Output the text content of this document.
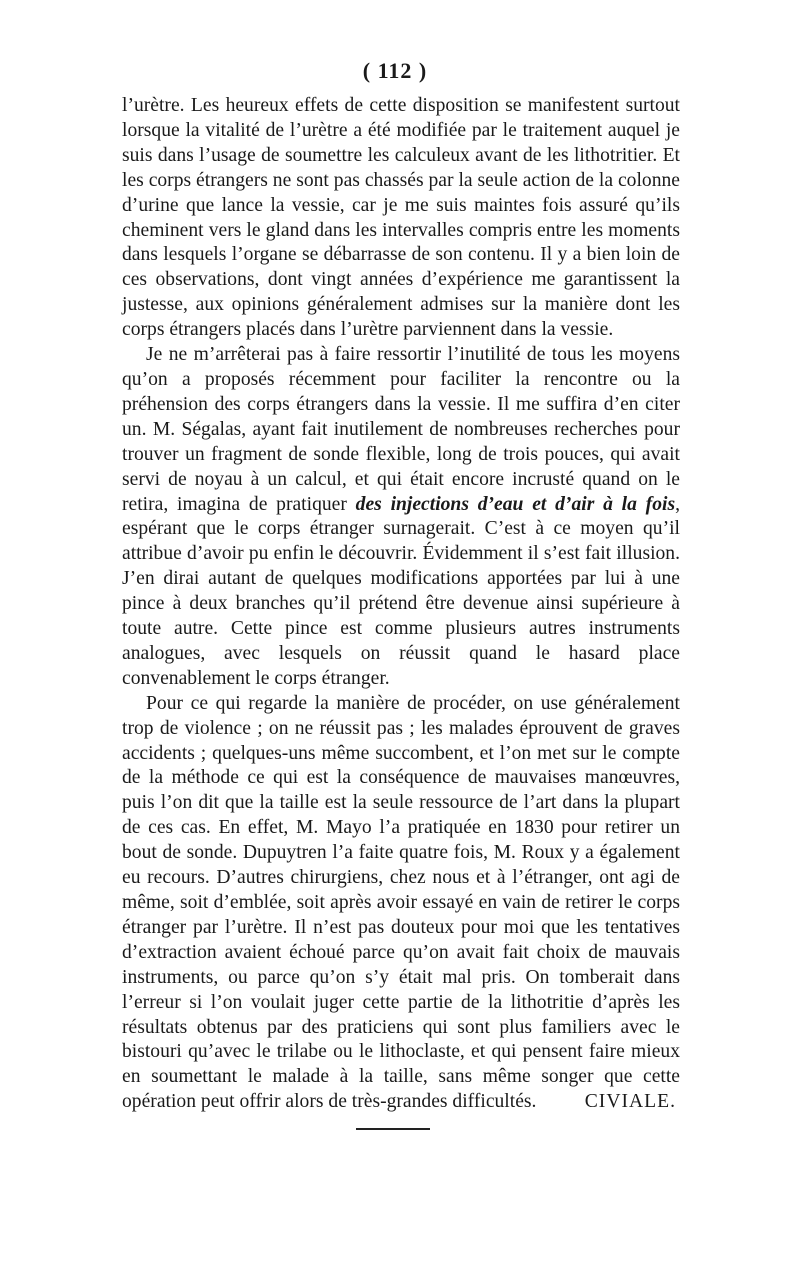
( 112 )

l’urètre. Les heureux effets de cette disposition se manifestent surtout lorsque la vitalité de l’urètre a été modifiée par le traitement auquel je suis dans l’usage de soumettre les calculeux avant de les lithotritier. Et les corps étrangers ne sont pas chassés par la seule action de la colonne d’urine que lance la vessie, car je me suis maintes fois assuré qu’ils cheminent vers le gland dans les intervalles compris entre les moments dans lesquels l’organe se débarrasse de son contenu. Il y a bien loin de ces observations, dont vingt années d’expérience me garantissent la justesse, aux opinions généralement admises sur la manière dont les corps étrangers placés dans l’urètre parviennent dans la vessie.

Je ne m’arrêterai pas à faire ressortir l’inutilité de tous les moyens qu’on a proposés récemment pour faciliter la rencontre ou la préhension des corps étrangers dans la vessie. Il me suffira d’en citer un. M. Ségalas, ayant fait inutilement de nombreuses recherches pour trouver un fragment de sonde flexible, long de trois pouces, qui avait servi de noyau à un calcul, et qui était encore incrusté quand on le retira, imagina de pratiquer des injections d’eau et d’air à la fois, espérant que le corps étranger surnagerait. C’est à ce moyen qu’il attribue d’avoir pu enfin le découvrir. Évidemment il s’est fait illusion. J’en dirai autant de quelques modifications apportées par lui à une pince à deux branches qu’il prétend être devenue ainsi supérieure à toute autre. Cette pince est comme plusieurs autres instruments analogues, avec lesquels on réussit quand le hasard place convenablement le corps étranger.

Pour ce qui regarde la manière de procéder, on use généralement trop de violence ; on ne réussit pas ; les malades éprouvent de graves accidents ; quelques-uns même succombent, et l’on met sur le compte de la méthode ce qui est la conséquence de mauvaises manœuvres, puis l’on dit que la taille est la seule ressource de l’art dans la plupart de ces cas. En effet, M. Mayo l’a pratiquée en 1830 pour retirer un bout de sonde. Dupuytren l’a faite quatre fois, M. Roux y a également eu recours. D’autres chirurgiens, chez nous et à l’étranger, ont agi de même, soit d’emblée, soit après avoir essayé en vain de retirer le corps étranger par l’urètre. Il n’est pas douteux pour moi que les tentatives d’extraction avaient échoué parce qu’on avait fait choix de mauvais instruments, ou parce qu’on s’y était mal pris. On tomberait dans l’erreur si l’on voulait juger cette partie de la lithotritie d’après les résultats obtenus par des praticiens qui sont plus familiers avec le bistouri qu’avec le trilabe ou le lithoclaste, et qui pensent faire mieux en soumettant le malade à la taille, sans même songer que cette opération peut offrir alors de très-grandes difficultés.	CIVIALE.
